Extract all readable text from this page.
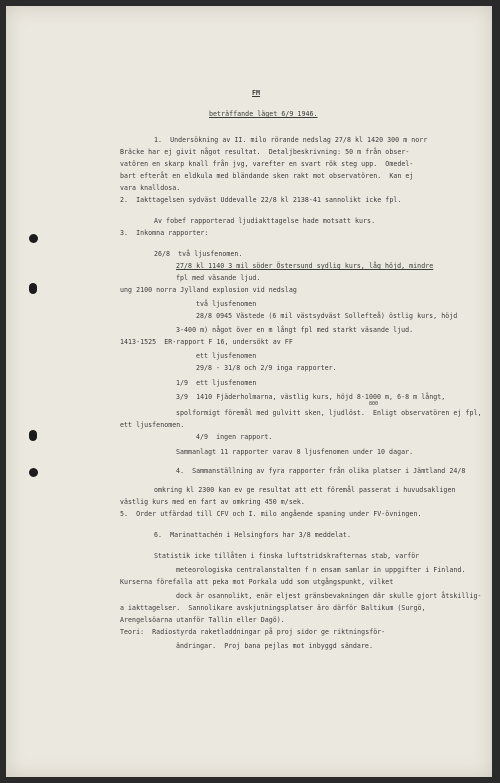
FM
beträffande läget 6/9 1946.
1.  Undersökning av II. milo rörande nedslag 27/8 kl 1420 300 m norr
Bräcke har ej givit något resultat.  Detaljbeskrivning: 50 m från obser-
vatören en skarp knall från jvg, varefter en svart rök steg upp.  Omedel-
bart efteråt en eldkula med bländande sken rakt mot observatören.  Kan ej
vara knalldosa.
2.  Iakttagelsen sydväst Uddevalle 22/8 kl 2138-41 sannolikt icke fpl.
Av fobef rapporterad ljudiakttagelse hade motsatt kurs.
3.  Inkomna rapporter:
26/8  två ljusfenomen.
27/8 kl 1140 3 mil söder Östersund sydlig kurs, låg höjd, mindre
fpl med väsande ljud.
ung 2100 norra Jylland explosion vid nedslag
två ljusfenomen
28/8 0945 Västede (6 mil västsydväst Sollefteå) östlig kurs, höjd
3-400 m) något över en m långt fpl med starkt väsande ljud.
1413-1525  ER-rapport F 16, undersökt av FF
ett ljusfenomen
29/8 - 31/8 och 2/9 inga rapporter.
1/9  ett ljusfenomen
3/9  1410 Fjäderholmarna, västlig kurs, höjd 8-1000 m, 6-8 m långt,
800
spolformigt föremål med gulvitt sken, ljudlöst.  Enligt observatören ej fpl,
ett ljusfenomen.
4/9  ingen rapport.
Sammanlagt 11 rapporter varav 8 ljusfenomen under 10 dagar.
4.  Sammanställning av fyra rapporter från olika platser i Jämtland 24/8
omkring kl 2300 kan ev ge resultat att ett föremål passerat i huvudsakligen
västlig kurs med en fart av omkring 450 m/sek.
5.  Order utfärdad till CFV och I. milo angående spaning under FV-övningen.
6.  Marinattachén i Helsingfors har 3/8 meddelat.
Statistik icke tillåten i finska luftstridskrafternas stab, varför
meteorologiska centralanstalten f n ensam samlar in uppgifter i Finland.
Kurserna förefalla att peka mot Porkala udd som utgångspunkt, vilket
dock är osannolikt, enär eljest gränsbevakningen där skulle gjort åtskillig-
a iakttagelser.  Sannolikare avskjutningsplatser äro därför Baltikum (Surgö,
Arengelsöarna utanför Tallin eller Dagö).
Teori:  Radiostyrda raketladdningar på proj sidor ge riktningsför-
ändringar.  Proj bana pejlas mot inbyggd sändare.
